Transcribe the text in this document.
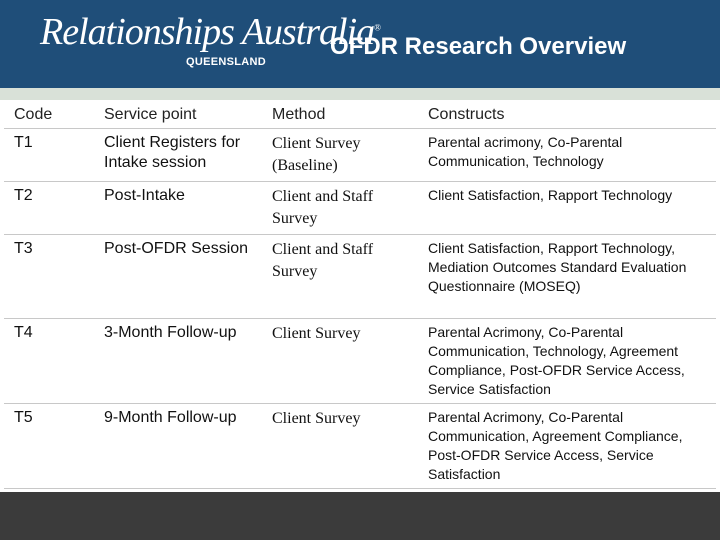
Relationships Australia®
QUEENSLAND
OFDR Research Overview
Code	Service point	Method	Constructs
T1	Client Registers for Intake session	Client Survey (Baseline)	Parental acrimony, Co-Parental Communication, Technology
T2	Post-Intake	Client and Staff Survey	Client Satisfaction, Rapport Technology
T3	Post-OFDR Session	Client and Staff Survey	Client Satisfaction, Rapport Technology, Mediation Outcomes Standard Evaluation Questionnaire (MOSEQ)
T4	3-Month Follow-up	Client Survey	Parental Acrimony, Co-Parental Communication, Technology, Agreement Compliance, Post-OFDR Service Access, Service Satisfaction
T5	9-Month Follow-up	Client Survey	Parental Acrimony, Co-Parental Communication, Agreement Compliance, Post-OFDR Service Access, Service Satisfaction
